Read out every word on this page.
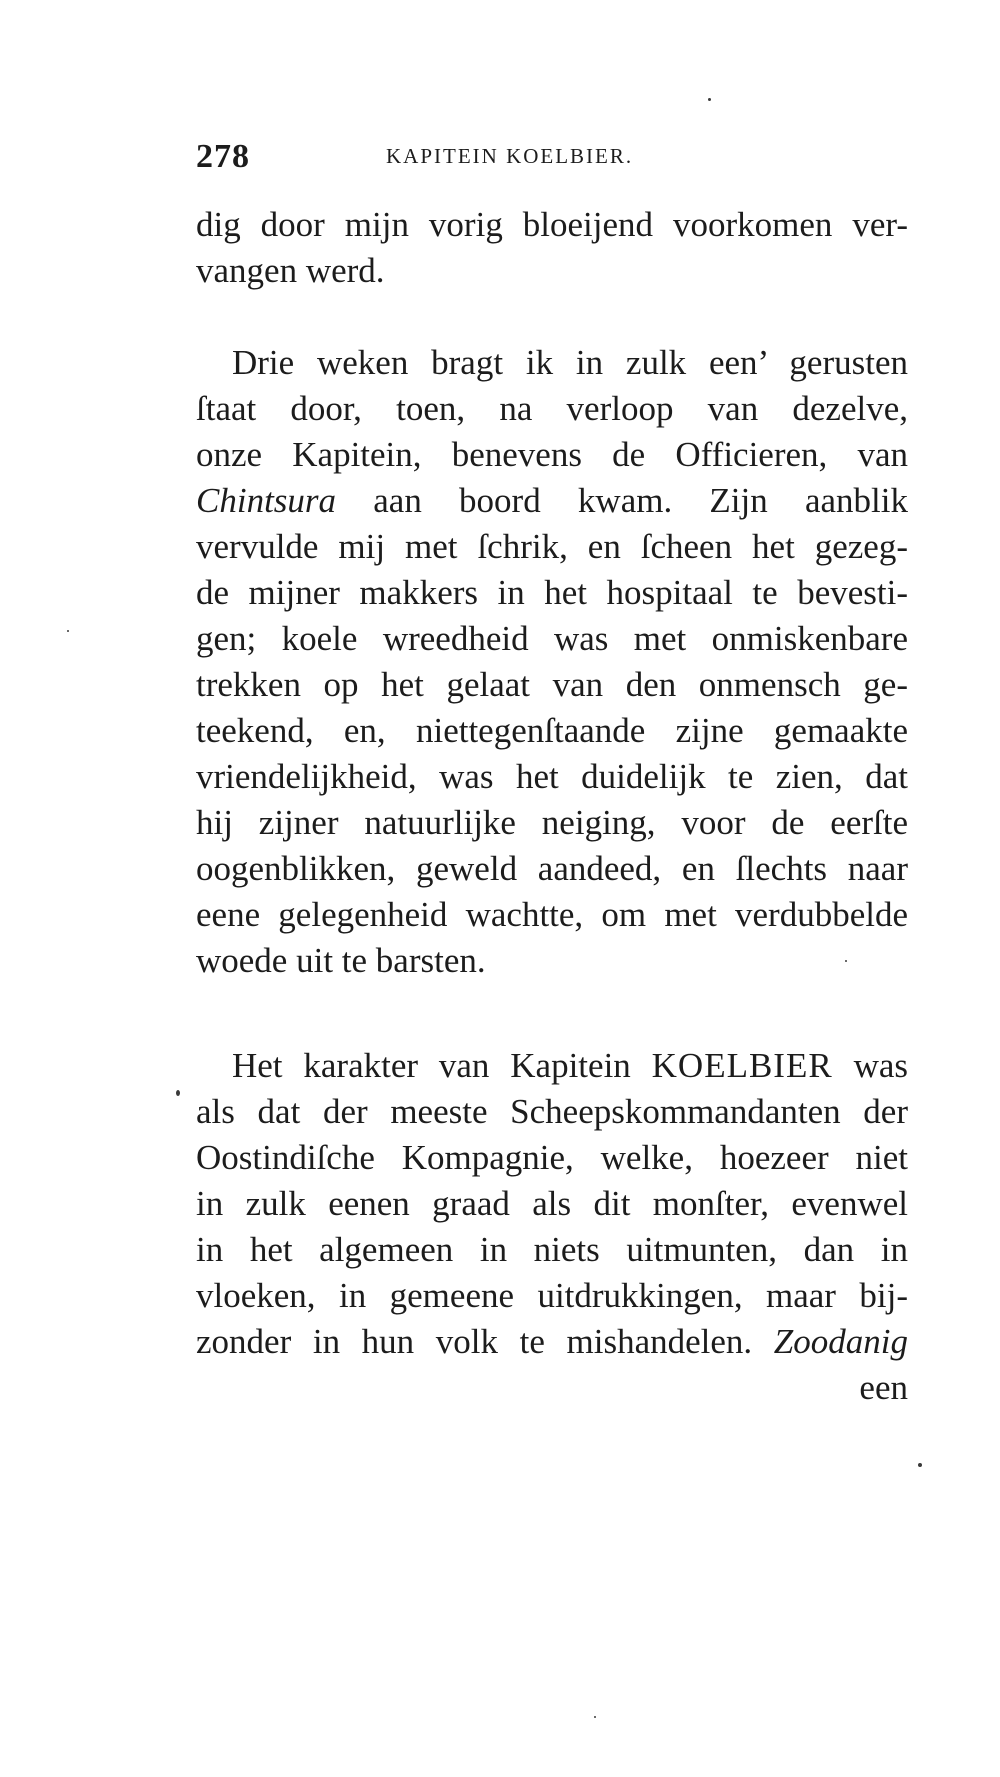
278	KAPITEIN KOELBIER.
dig door mijn vorig bloeijend voorkomen ver-
vangen werd.
Drie weken bragt ik in zulk een’ gerusten
ſtaat door, toen, na verloop van dezelve,
onze Kapitein, benevens de Officieren, van
Chintsura aan boord kwam. Zijn aanblik
vervulde mij met ſchrik, en ſcheen het gezeg-
de mijner makkers in het hospitaal te bevesti-
gen; koele wreedheid was met onmiskenbare
trekken op het gelaat van den onmensch ge-
teekend, en, niettegenſtaande zijne gemaakte
vriendelijkheid, was het duidelijk te zien, dat
hij zijner natuurlijke neiging, voor de eerſte
oogenblikken, geweld aandeed, en ſlechts naar
eene gelegenheid wachtte, om met verdubbelde
woede uit te barsten.
Het karakter van Kapitein KOELBIER was
als dat der meeste Scheepskommandanten der
Oostindiſche Kompagnie, welke, hoezeer niet
in zulk eenen graad als dit monſter, evenwel
in het algemeen in niets uitmunten, dan in
vloeken, in gemeene uitdrukkingen, maar bij-
zonder in hun volk te mishandelen. Zoodanig
een
